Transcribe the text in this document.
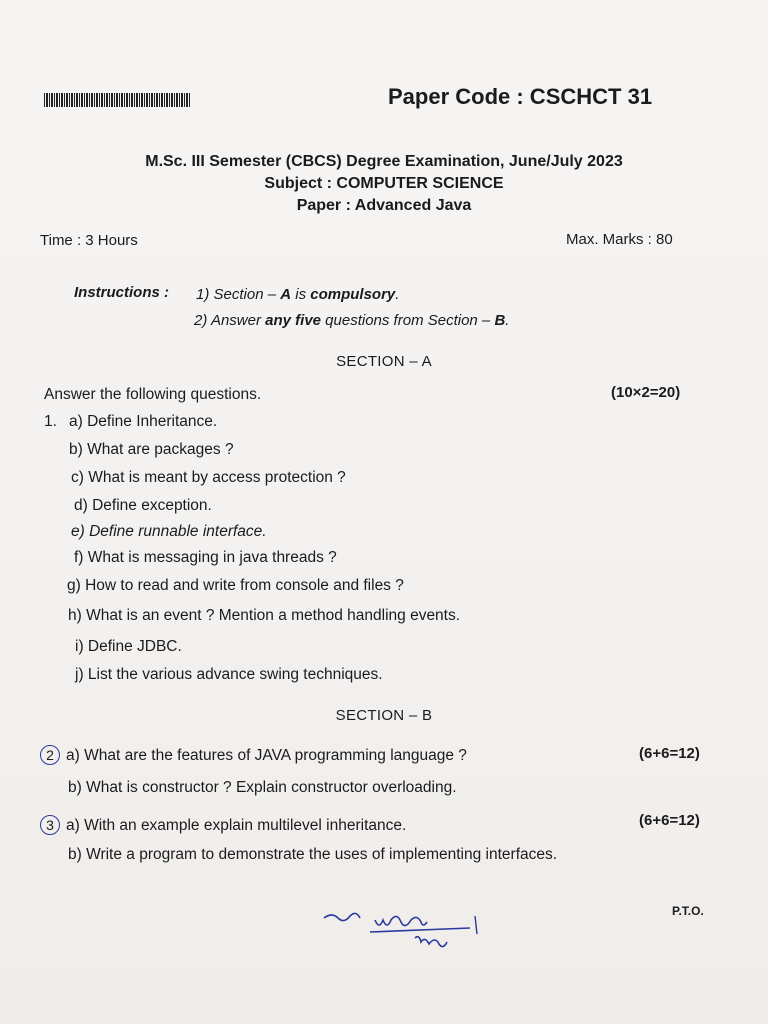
Paper Code : CSCHCT 31
M.Sc. III Semester (CBCS) Degree Examination, June/July 2023
Subject : COMPUTER SCIENCE
Paper : Advanced Java
Time : 3 Hours	Max. Marks : 80
Instructions : 1) Section – A is compulsory.
2) Answer any five questions from Section – B.
SECTION – A
Answer the following questions.	(10×2=20)
1. a) Define Inheritance.
b) What are packages ?
c) What is meant by access protection ?
d) Define exception.
e) Define runnable interface.
f) What is messaging in java threads ?
g) How to read and write from console and files ?
h) What is an event ? Mention a method handling events.
i) Define JDBC.
j) List the various advance swing techniques.
SECTION – B
2 a) What are the features of JAVA programming language ?	(6+6=12)
b) What is constructor ? Explain constructor overloading.
3 a) With an example explain multilevel inheritance.	(6+6=12)
b) Write a program to demonstrate the uses of implementing interfaces.
P.T.O.
